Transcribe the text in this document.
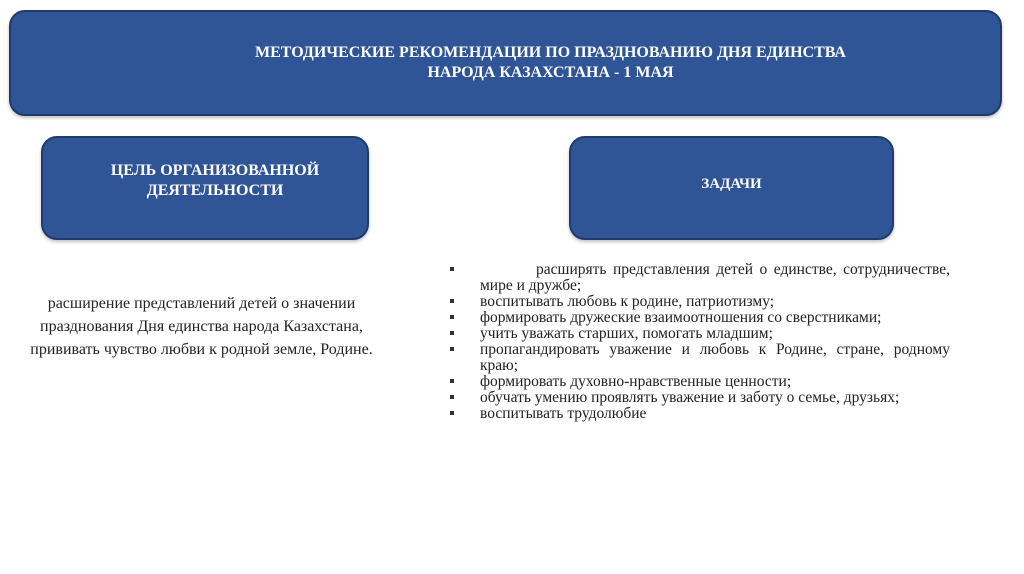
МЕТОДИЧЕСКИЕ РЕКОМЕНДАЦИИ ПО ПРАЗДНОВАНИЮ ДНЯ ЕДИНСТВА
НАРОДА КАЗАХСТАНА - 1 МАЯ
ЦЕЛЬ ОРГАНИЗОВАННОЙ
ДЕЯТЕЛЬНОСТИ	ЗАДАЧИ
расширение представлений детей о значении празднования Дня единства народа Казахстана, прививать чувство любви к родной земле, Родине.
расширять представления детей о единстве, сотрудничестве, мире и дружбе;
воспитывать любовь к родине, патриотизму;
формировать дружеские взаимоотношения со сверстниками;
учить уважать старших, помогать младшим;
пропагандировать уважение и любовь к Родине, стране, родному краю;
формировать духовно-нравственные ценности;
обучать умению проявлять уважение и заботу о семье, друзьях;
воспитывать трудолюбие
